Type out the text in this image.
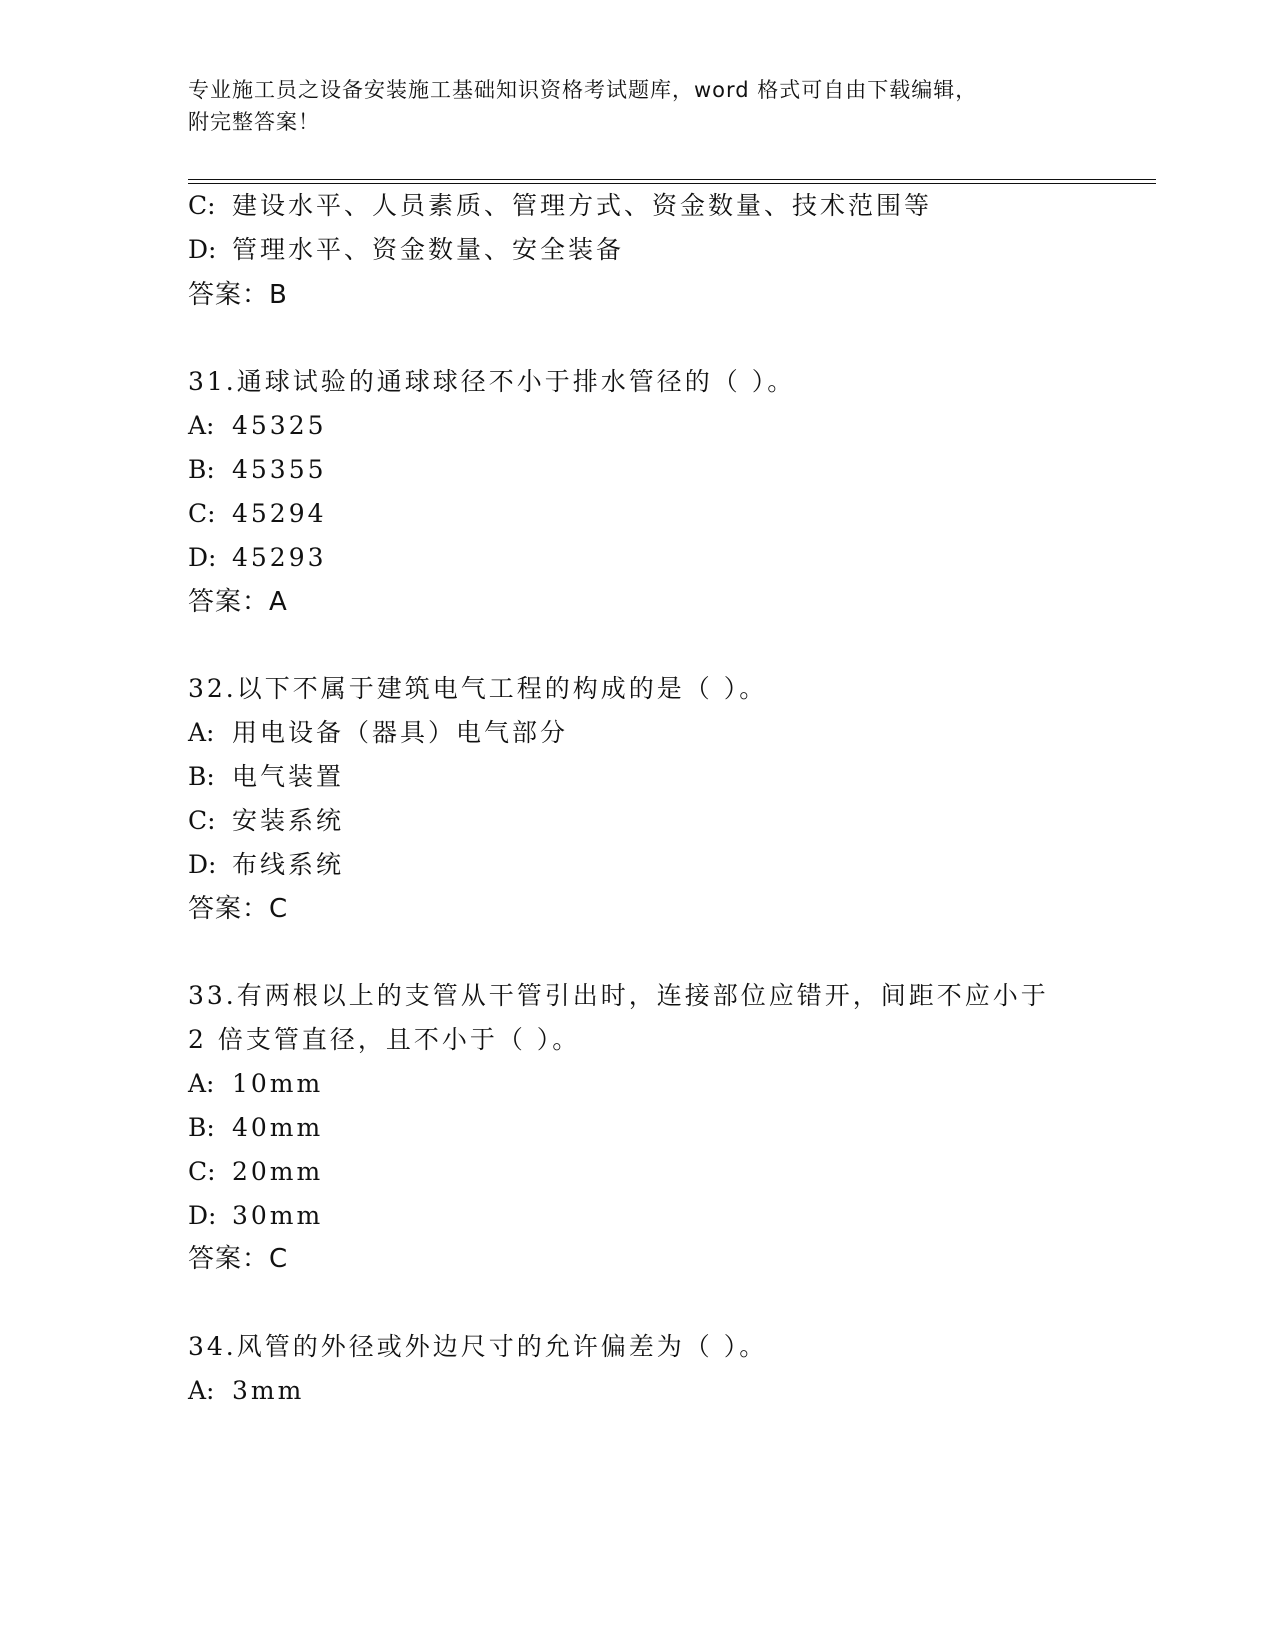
专业施工员之设备安装施工基础知识资格考试题库，word 格式可自由下载编辑，
附完整答案！
C: 建设水平、人员素质、管理方式、资金数量、技术范围等
D: 管理水平、资金数量、安全装备
答案：B
31.通球试验的通球球径不小于排水管径的（ ）。
A: 45325
B: 45355
C: 45294
D: 45293
答案：A
32.以下不属于建筑电气工程的构成的是（ ）。
A: 用电设备（器具）电气部分
B: 电气装置
C: 安装系统
D: 布线系统
答案：C
33.有两根以上的支管从干管引出时，连接部位应错开，间距不应小于
2 倍支管直径，且不小于（ ）。
A: 10mm
B: 40mm
C: 20mm
D: 30mm
答案：C
34.风管的外径或外边尺寸的允许偏差为（ ）。
A: 3mm
